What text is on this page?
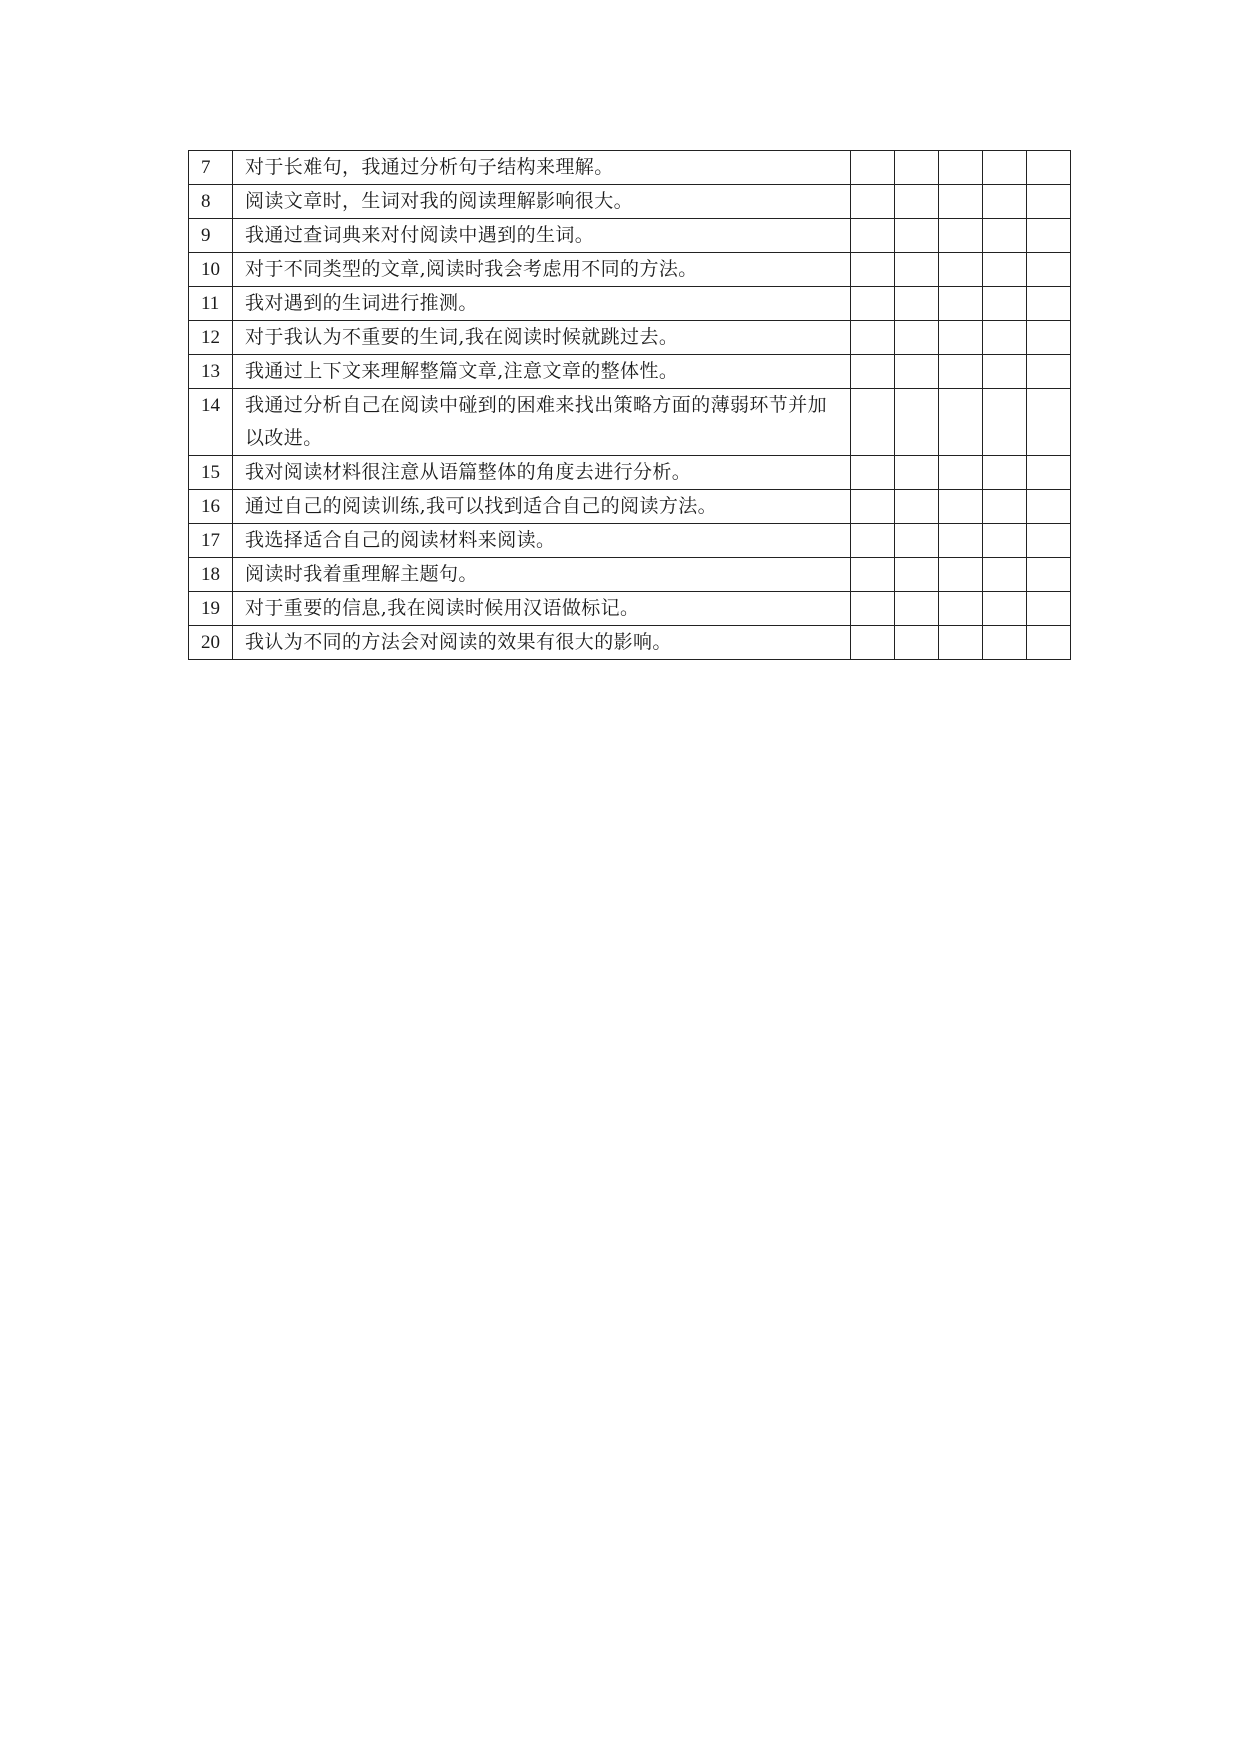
7	对于长难句，我通过分析句子结构来理解。					
8	阅读文章时，生词对我的阅读理解影响很大。					
9	我通过查词典来对付阅读中遇到的生词。					
10	对于不同类型的文章,阅读时我会考虑用不同的方法。					
11	我对遇到的生词进行推测。					
12	对于我认为不重要的生词,我在阅读时候就跳过去。					
13	我通过上下文来理解整篇文章,注意文章的整体性。					
14	我通过分析自己在阅读中碰到的困难来找出策略方面的薄弱环节并加以改进。					
15	我对阅读材料很注意从语篇整体的角度去进行分析。					
16	通过自己的阅读训练,我可以找到适合自己的阅读方法。					
17	我选择适合自己的阅读材料来阅读。					
18	阅读时我着重理解主题句。					
19	对于重要的信息,我在阅读时候用汉语做标记。					
20	我认为不同的方法会对阅读的效果有很大的影响。					
